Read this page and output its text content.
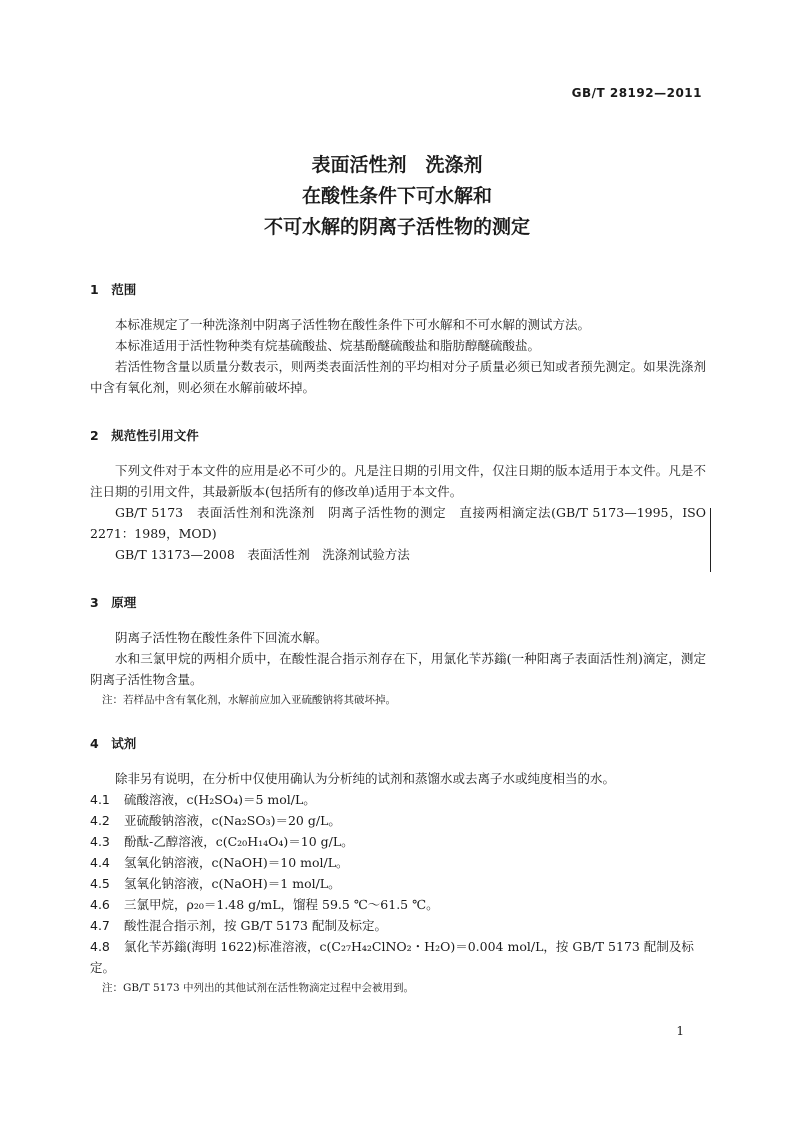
GB/T 28192—2011
表面活性剂　洗涤剂
在酸性条件下可水解和
不可水解的阴离子活性物的测定
1　范围
本标准规定了一种洗涤剂中阴离子活性物在酸性条件下可水解和不可水解的测试方法。
本标准适用于活性物种类有烷基硫酸盐、烷基酚醚硫酸盐和脂肪醇醚硫酸盐。
若活性物含量以质量分数表示，则两类表面活性剂的平均相对分子质量必须已知或者预先测定。如果洗涤剂中含有氧化剂，则必须在水解前破坏掉。
2　规范性引用文件
下列文件对于本文件的应用是必不可少的。凡是注日期的引用文件，仅注日期的版本适用于本文件。凡是不注日期的引用文件，其最新版本(包括所有的修改单)适用于本文件。
GB/T 5173　表面活性剂和洗涤剂　阴离子活性物的测定　直接两相滴定法(GB/T 5173—1995，ISO 2271：1989，MOD)
GB/T 13173—2008　表面活性剂　洗涤剂试验方法
3　原理
阴离子活性物在酸性条件下回流水解。
水和三氯甲烷的两相介质中，在酸性混合指示剂存在下，用氯化苄苏鎓(一种阳离子表面活性剂)滴定，测定阴离子活性物含量。
注：若样品中含有氧化剂，水解前应加入亚硫酸钠将其破坏掉。
4　试剂
除非另有说明，在分析中仅使用确认为分析纯的试剂和蒸馏水或去离子水或纯度相当的水。
4.1 硫酸溶液，c(H₂SO₄)＝5 mol/L。
4.2 亚硫酸钠溶液，c(Na₂SO₃)＝20 g/L。
4.3 酚酞-乙醇溶液，c(C₂₀H₁₄O₄)＝10 g/L。
4.4 氢氧化钠溶液，c(NaOH)＝10 mol/L。
4.5 氢氧化钠溶液，c(NaOH)＝1 mol/L。
4.6 三氯甲烷，ρ₂₀＝1.48 g/mL，馏程 59.5 ℃～61.5 ℃。
4.7 酸性混合指示剂，按 GB/T 5173 配制及标定。
4.8 氯化苄苏鎓(海明 1622)标准溶液，c(C₂₇H₄₂ClNO₂・H₂O)＝0.004 mol/L，按 GB/T 5173 配制及标定。
注：GB/T 5173 中列出的其他试剂在活性物滴定过程中会被用到。
1
